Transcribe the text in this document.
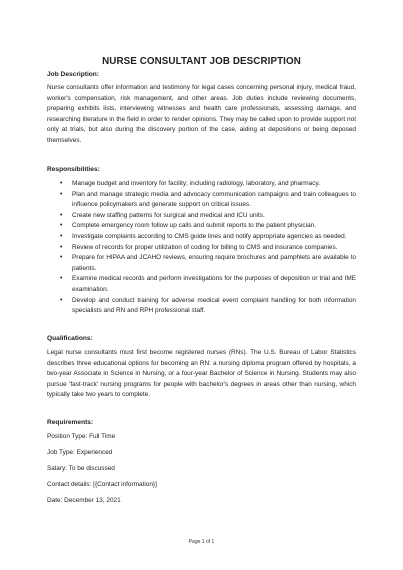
NURSE CONSULTANT JOB DESCRIPTION
Job Description:
Nurse consultants offer information and testimony for legal cases concerning personal injury, medical fraud, worker's compensation, risk management, and other areas. Job duties include reviewing documents, preparing exhibits lists, interviewing witnesses and health care professionals, assessing damage, and researching literature in the field in order to render opinions. They may be called upon to provide support not only at trials, but also during the discovery portion of the case, aiding at depositions or being deposed themselves.
Responsibilities:
• Manage budget and inventory for facility; including radiology, laboratory, and pharmacy.
• Plan and manage strategic media and advocacy communication campaigns and train colleagues to influence policymakers and generate support on critical issues.
• Create new staffing patterns for surgical and medical and ICU units.
• Complete emergency room follow up calls and submit reports to the patient physician.
• Investigate complaints according to CMS guide lines and notify appropriate agencies as needed.
• Review of records for proper utilization of coding for billing to CMS and insurance companies.
• Prepare for HIPAA and JCAHO reviews, ensuring require brochures and pamphlets are available to patients.
• Examine medical records and perform investigations for the purposes of deposition or trial and IME examination.
• Develop and conduct training for adverse medical event complaint handling for both information specialists and RN and RPH professional staff.
Qualifications:
Legal nurse consultants must first become registered nurses (RNs). The U.S. Bureau of Labor Statistics describes three educational options for becoming an RN: a nursing diploma program offered by hospitals, a two-year Associate in Science in Nursing, or a four-year Bachelor of Science in Nursing. Students may also pursue 'fast-track' nursing programs for people with bachelor's degrees in areas other than nursing, which typically take two years to complete.
Requirements:
Position Type: Full Time
Job Type: Experienced
Salary: To be discussed
Contact details: [{Contact information}]
Date: December 13, 2021
Page 1 of 1
